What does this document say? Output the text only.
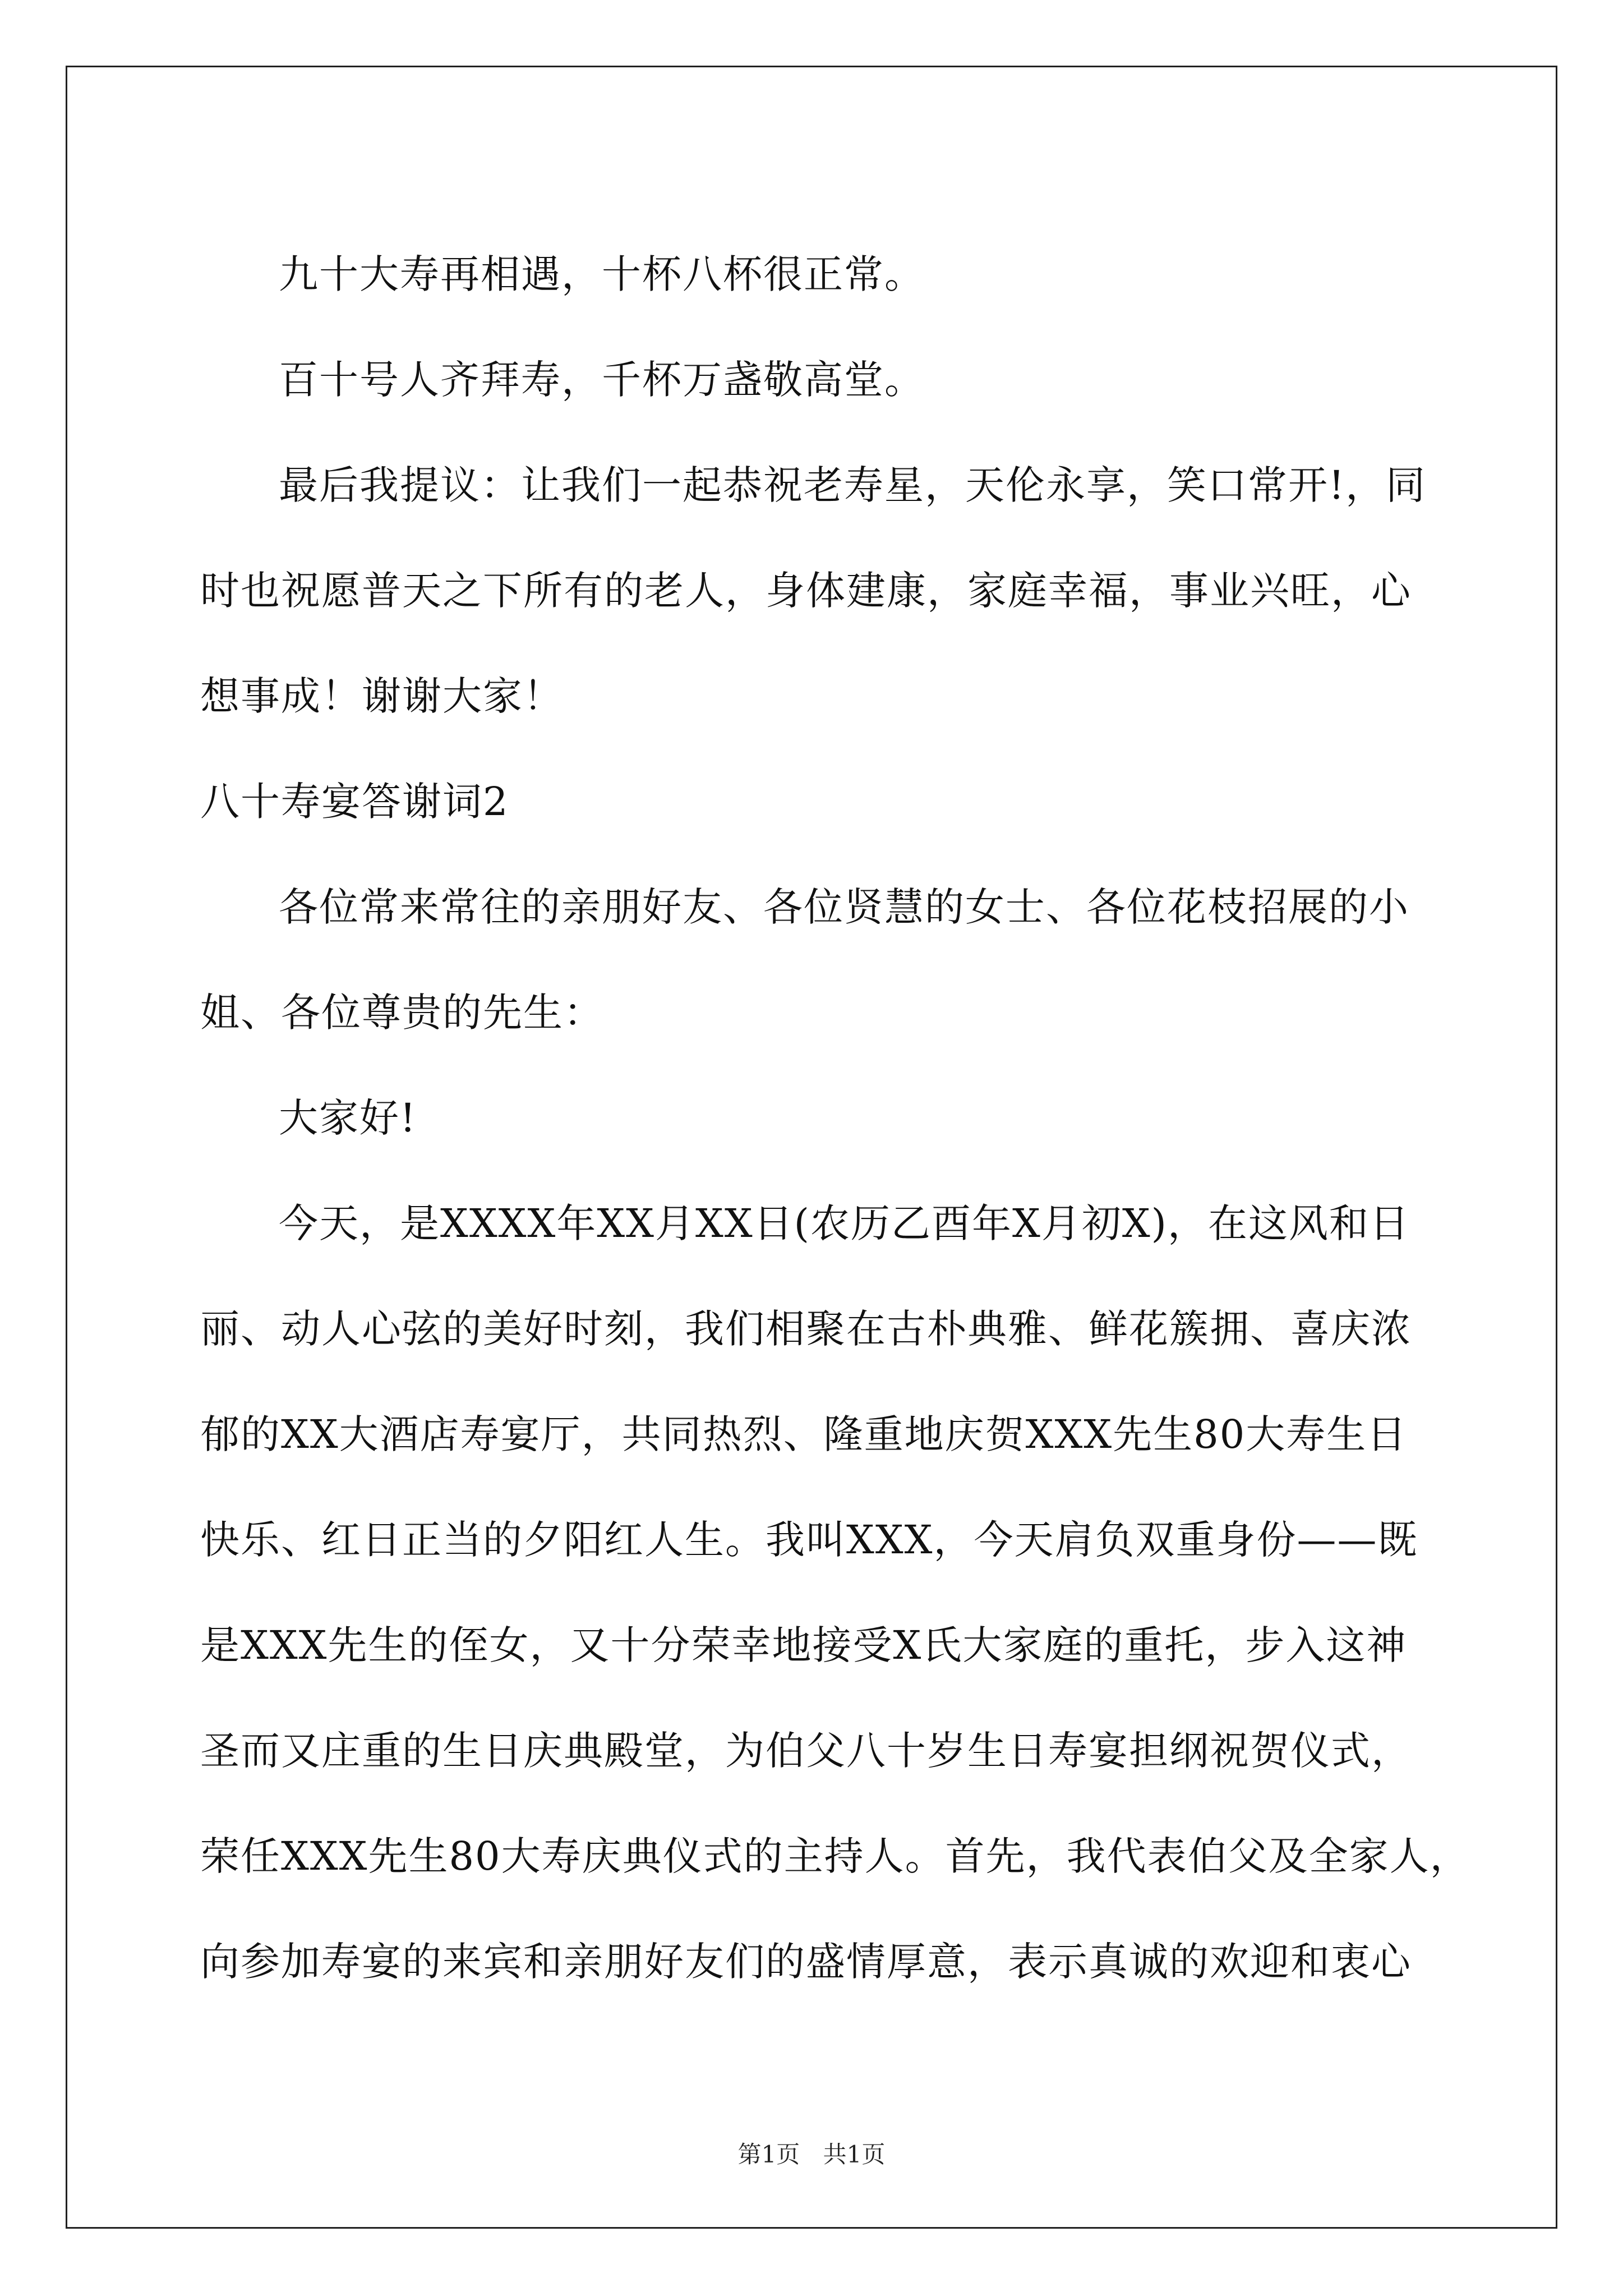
九十大寿再相遇，十杯八杯很正常。

百十号人齐拜寿，千杯万盏敬高堂。

最后我提议：让我们一起恭祝老寿星，天伦永享，笑口常开!，同
时也祝愿普天之下所有的老人，身体建康，家庭幸福，事业兴旺，心
想事成！谢谢大家！

八十寿宴答谢词2

各位常来常往的亲朋好友、各位贤慧的女士、各位花枝招展的小
姐、各位尊贵的先生：

大家好!

今天，是XXXX年XX月XX日(农历乙酉年X月初X)，在这风和日
丽、动人心弦的美好时刻，我们相聚在古朴典雅、鲜花簇拥、喜庆浓
郁的XX大酒店寿宴厅，共同热烈、隆重地庆贺XXX先生80大寿生日
快乐、红日正当的夕阳红人生。我叫XXX，今天肩负双重身份——既
是XXX先生的侄女，又十分荣幸地接受X氏大家庭的重托，步入这神
圣而又庄重的生日庆典殿堂，为伯父八十岁生日寿宴担纲祝贺仪式，
荣任XXX先生80大寿庆典仪式的主持人。首先，我代表伯父及全家人，
向参加寿宴的来宾和亲朋好友们的盛情厚意，表示真诚的欢迎和衷心

第1页 共1页
